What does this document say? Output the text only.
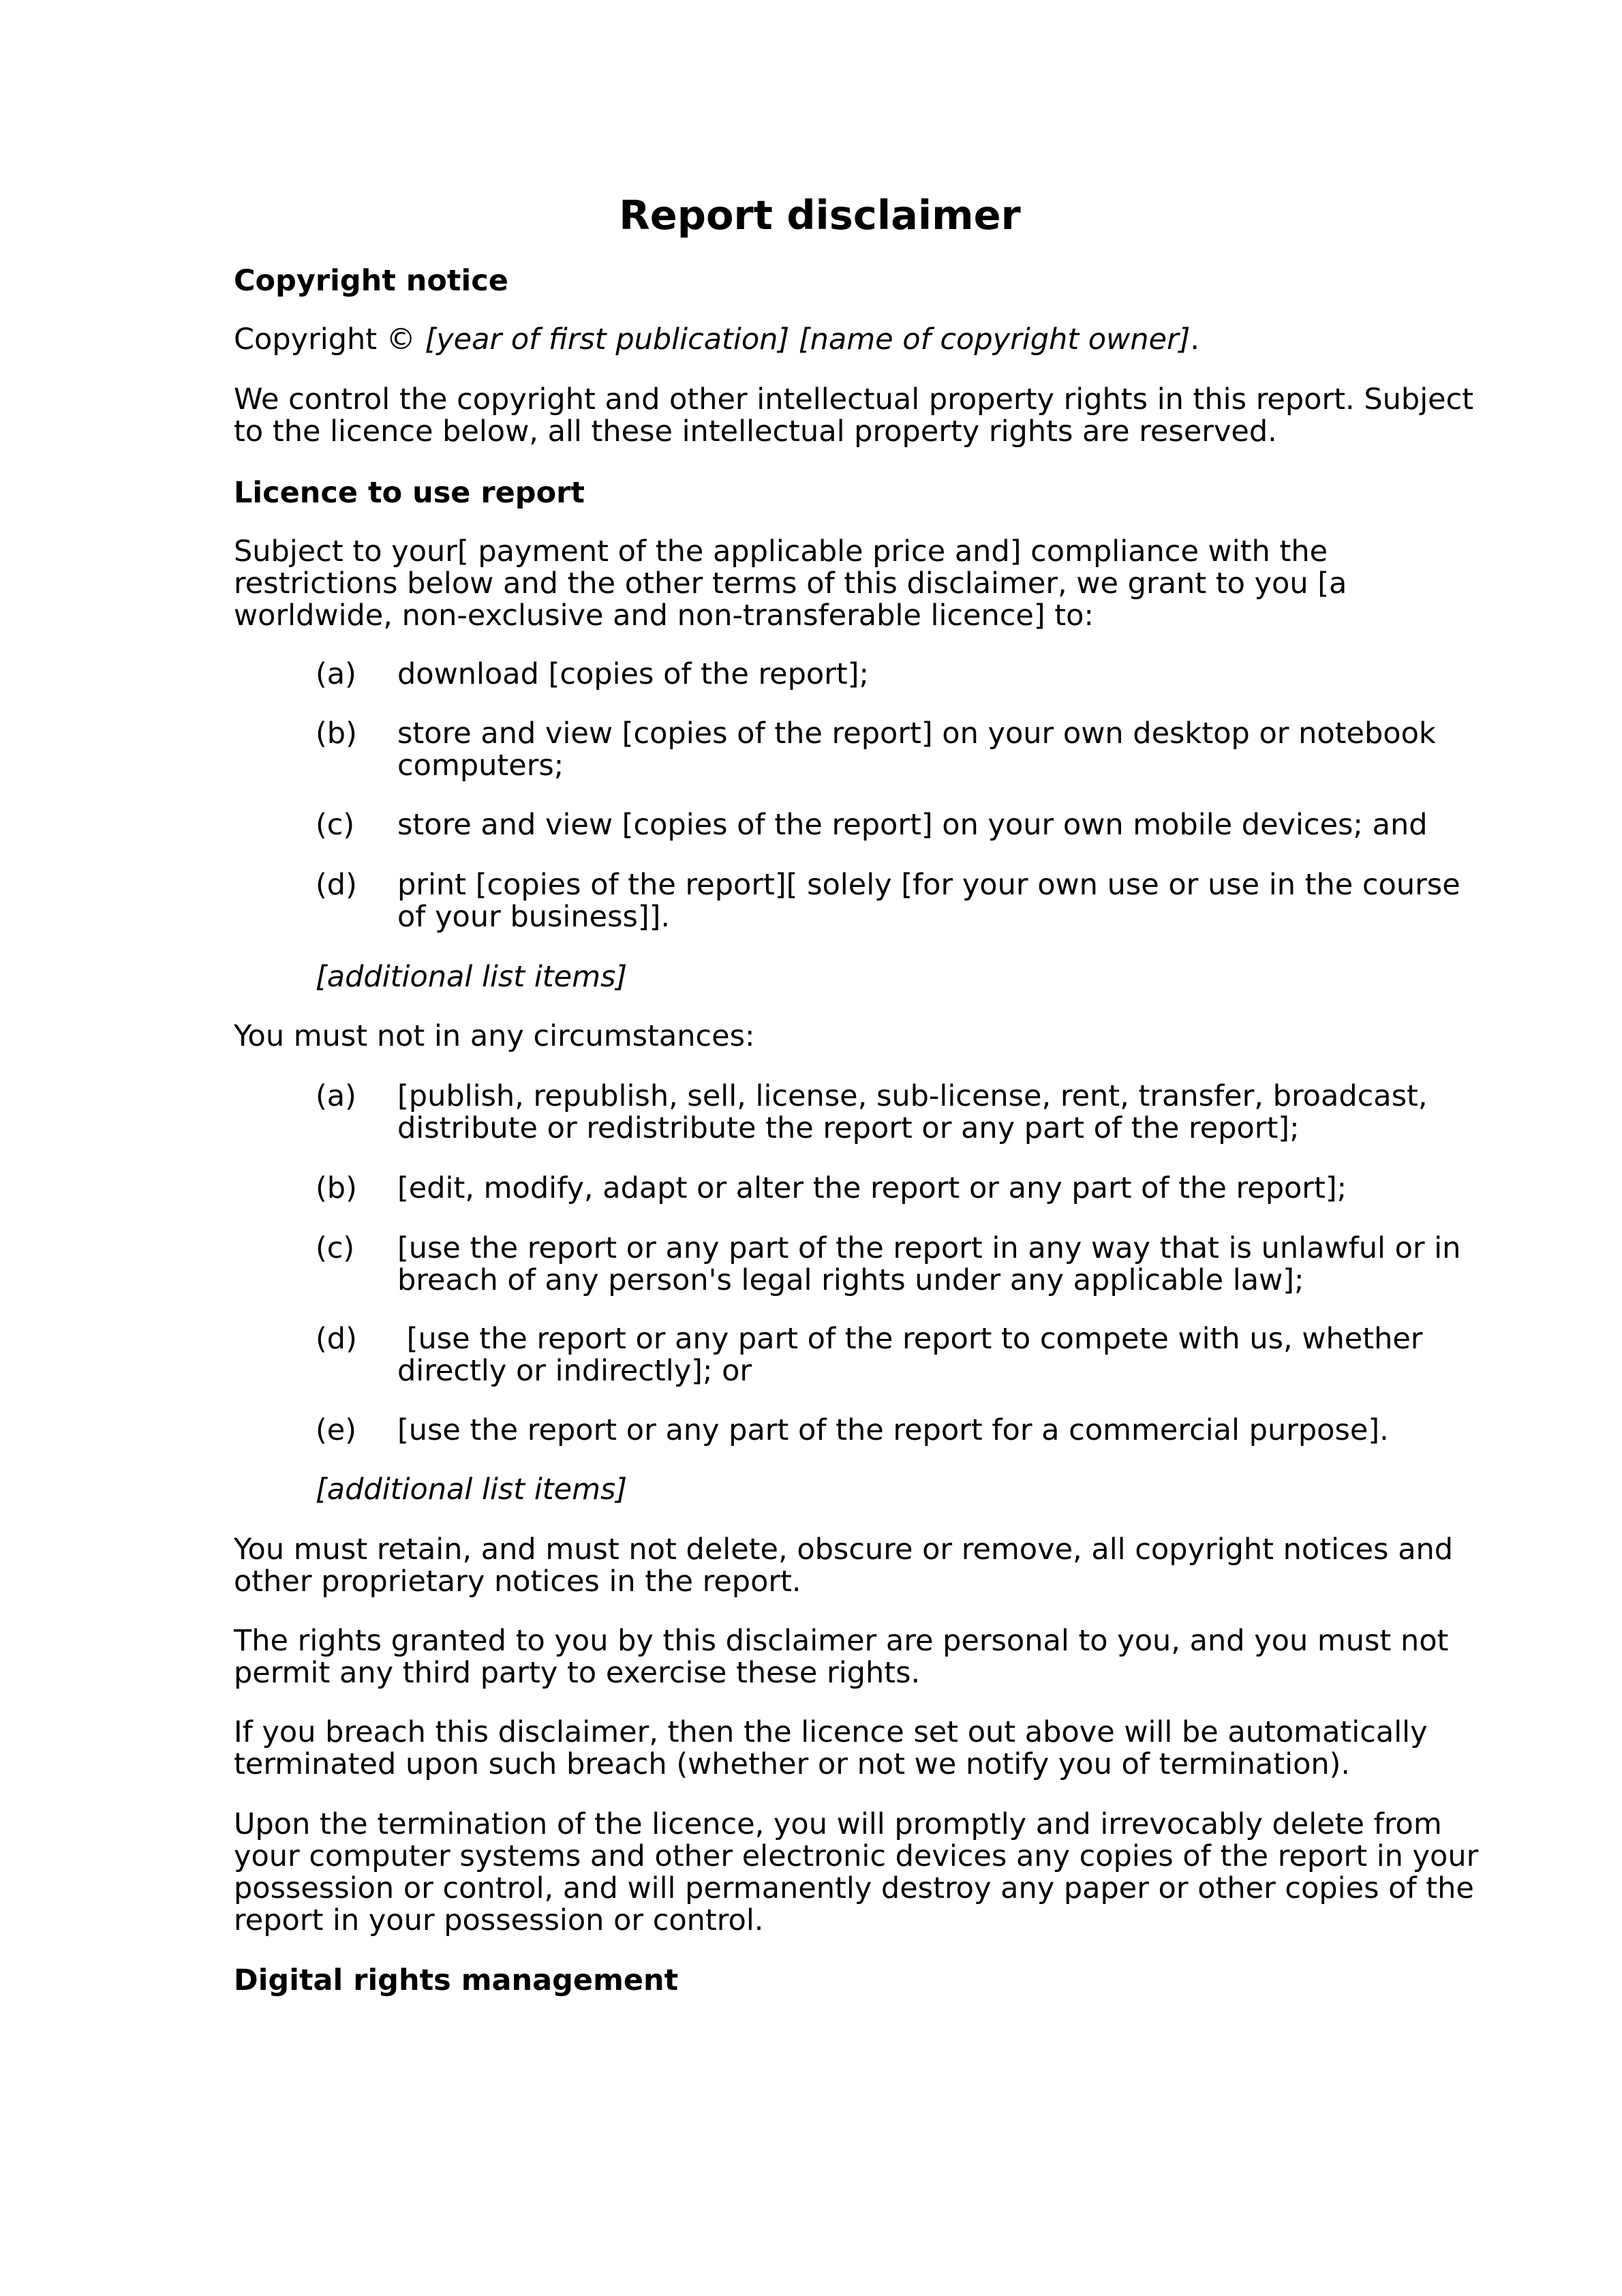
Report disclaimer
Copyright notice

Copyright © [year of first publication] [name of copyright owner].

We control the copyright and other intellectual property rights in this report. Subject
to the licence below, all these intellectual property rights are reserved.

Licence to use report

Subject to your[ payment of the applicable price and] compliance with the
restrictions below and the other terms of this disclaimer, we grant to you [a
worldwide, non-exclusive and non-transferable licence] to:

(a) download [copies of the report];
(b) store and view [copies of the report] on your own desktop or notebook
computers;
(c) store and view [copies of the report] on your own mobile devices; and
(d) print [copies of the report][ solely [for your own use or use in the course
of your business]].
[additional list items]

You must not in any circumstances:

(a) [publish, republish, sell, license, sub-license, rent, transfer, broadcast,
distribute or redistribute the report or any part of the report];
(b) [edit, modify, adapt or alter the report or any part of the report];
(c) [use the report or any part of the report in any way that is unlawful or in
breach of any person's legal rights under any applicable law];
(d) [use the report or any part of the report to compete with us, whether
directly or indirectly]; or
(e) [use the report or any part of the report for a commercial purpose].
[additional list items]

You must retain, and must not delete, obscure or remove, all copyright notices and
other proprietary notices in the report.

The rights granted to you by this disclaimer are personal to you, and you must not
permit any third party to exercise these rights.

If you breach this disclaimer, then the licence set out above will be automatically
terminated upon such breach (whether or not we notify you of termination).

Upon the termination of the licence, you will promptly and irrevocably delete from
your computer systems and other electronic devices any copies of the report in your
possession or control, and will permanently destroy any paper or other copies of the
report in your possession or control.

Digital rights management
